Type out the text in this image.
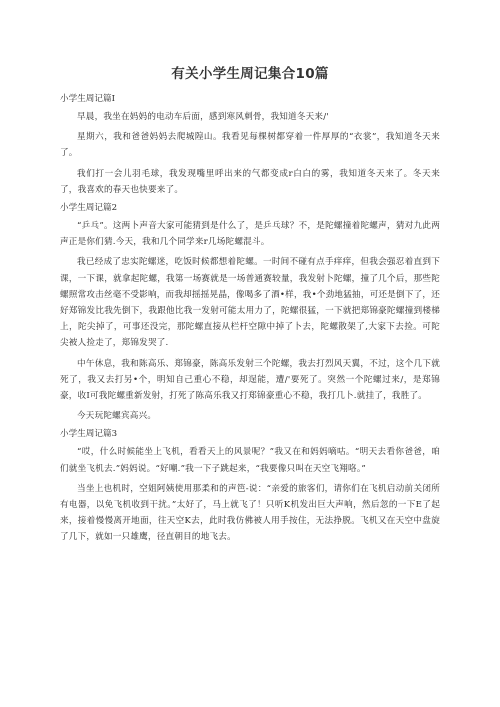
有关小学生周记集合10篇
小学生周记篇I

早晨，我坐在妈妈的电动车后面，感到寒风刺骨，我知道冬天来/'

星期六，我和爸爸妈妈去爬城隍山。我看见每棵树都穿着一件厚厚的“衣裳”，我知道冬天来了。

我们打一会儿羽毛球，我发现嘴里呼出来的气都变成r白白的雾，我知道冬天来了。冬天来了，我喜欢的春天也快要来了。

小学生周记篇2

“乒乓”。这两卜声音大家可能猜到是什么了，是乒乓球？不，是陀螺撞着陀螺声，猜对九此两声正是你们猜.今天，我和几个同学来r几场陀螺混斗。

我已经成了忠实陀螺迷，吃饭时候都想着陀螺。一时间不碰有点手痒痒，但我会强忍着直到下课，一下课，就拿起陀螺，我第一场赛就是一场普通赛较量，我发射卜陀螺，撞了几个后，那些陀螺照常攻击丝毫不受影响，而我却摇摇晃晶，像喝多了酒•样，我•个劲地猛抽，可还是倒下了，还好郑锦发比我先倒下，我跟他比我一发射可能太用力了，陀螺很猛，一下就把郑锦豪陀螺撞到楼梯上，陀尖掉了，可事还没完，那陀螺直接从栏杆空隙中掉了卜去，陀螺散架了,大家下去捡。可陀尖被人捡走了，郑锦发哭了.

中午休息，我和陈高乐、郑锦豪，陈高乐发射三个陀螺，我去打烈风天翼，不过，这个几下就死了，我又去打另•个，明知自己重心不稳，却逞能，遭/'要死了。突然一个陀螺过来/，是郑锦豪，收I可我陀螺重新发射，打死了陈高乐我又打郑锦豪重心不稳，我打几卜.就挂了，我胜了。

今天玩陀螺宾高兴。

小学生周记篇3

“哎，什么时候能坐上飞机，看看天上的风景呢？”我又在和妈妈嘀咕。“明天去看你爸爸，咱们就坐飞机去.”妈妈说。“好嘲.”我一下子跳起来，“我要像只叫在天空飞翔咯。”

当坐上也机时，空姐阿姨使用那柔和的声笆-说：“亲爱的旅客们，请你们在飞机启动前关闭所有电器，以免飞机收到干扰。”太好了，马上就飞了！只听K机发出巨大声响，然后忽的一下E了起来，接着慢慢离开地面，往天空K去，此时我仿佛被人用手按住，无法挣脱。飞机又在天空中盘旋了几下，就如一只雄鹰，径直朝目的地飞去。
